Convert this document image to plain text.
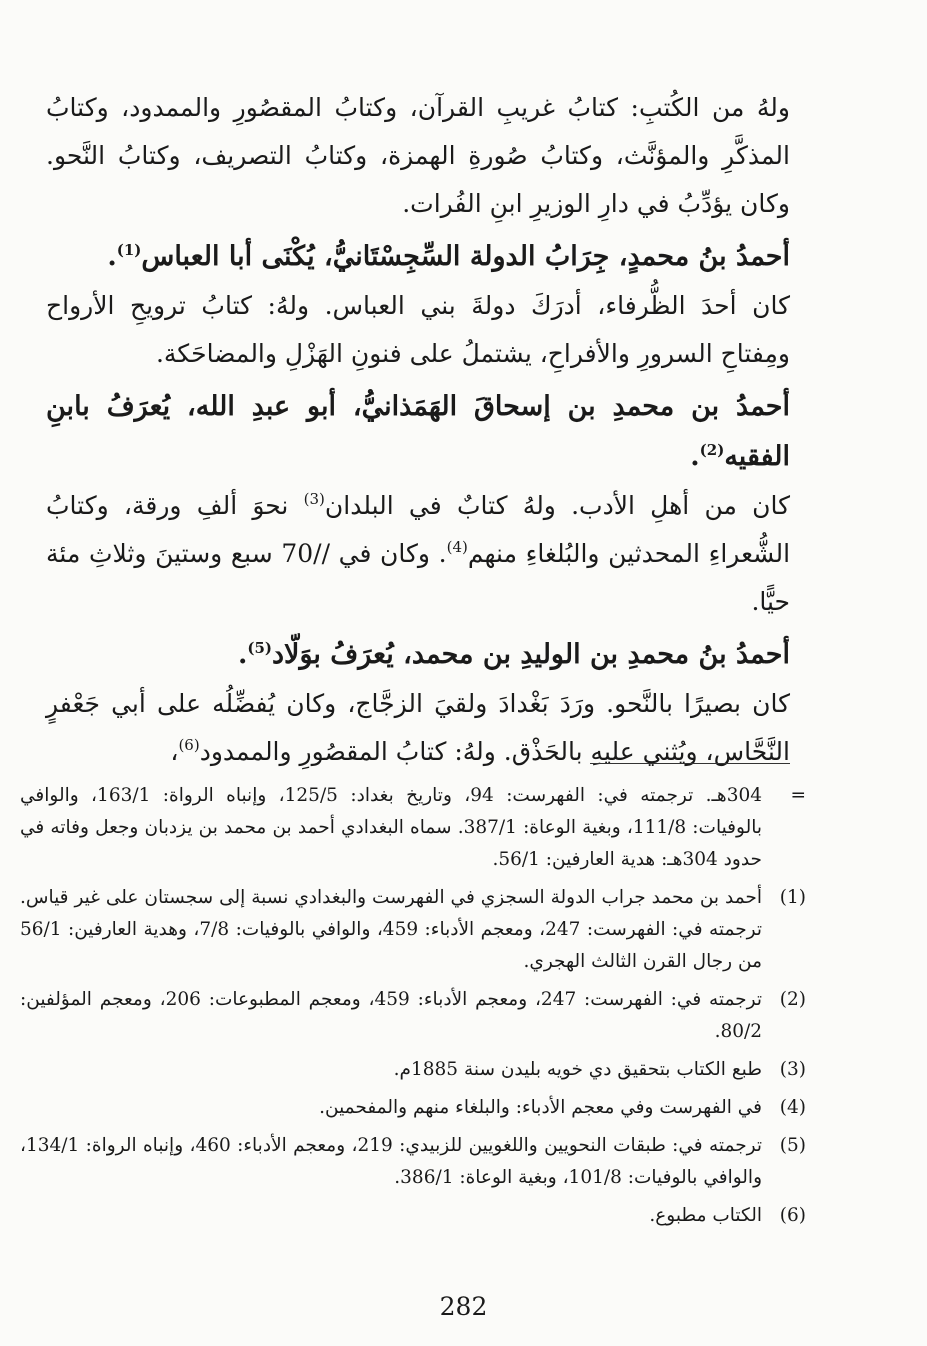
ولهُ من الكُتبِ: كتابُ غريبِ القرآن، وكتابُ المقصُورِ والممدود، وكتابُ المذكَّرِ والمؤنَّث، وكتابُ صُورةِ الهمزة، وكتابُ التصريف، وكتابُ النَّحو. وكان يؤدِّبُ في دارِ الوزيرِ ابنِ الفُرات.

أحمدُ بنُ محمدٍ، جِرَابُ الدولة السِّجِسْتَانيُّ، يُكْنَى أبا العباس$^{(1)}$.

كان أحدَ الظُّرفاء، أدرَكَ دولةَ بني العباس. ولهُ: كتابُ ترويحِ الأرواح ومِفتاحِ السرورِ والأفراحِ، يشتملُ على فنونِ الهَزْلِ والمضاحَكة.

أحمدُ بن محمدِ بن إسحاقَ الهَمَذانيُّ، أبو عبدِ الله، يُعرَفُ بابنِ الفقيه$^{(2)}$.

كان من أهلِ الأدب. ولهُ كتابٌ في البلدان$^{(3)}$ نحوَ ألفِ ورقة، وكتابُ الشُّعراءِ المحدثين والبُلغاءِ منهم$^{(4)}$. وكان في //70 سبع وستينَ وثلاثِ مئة حيًّا.

أحمدُ بنُ محمدِ بن الوليدِ بن محمد، يُعرَفُ بوَلّاد$^{(5)}$.

كان بصيرًا بالنَّحو. ورَدَ بَغْدادَ ولقيَ الزجَّاج، وكان يُفضِّلُه على أبي جَعْفرٍ النَّحَّاس، ويُثني عليهِ بالحَذْق. ولهُ: كتابُ المقصُورِ والممدود$^{(6)}$،

=
304هـ. ترجمته في: الفهرست: 94، وتاريخ بغداد: 125/5، وإنباه الرواة: 163/1، والوافي بالوفيات: 111/8، وبغية الوعاة: 387/1. سماه البغدادي أحمد بن محمد بن يزدبان وجعل وفاته في حدود 304هـ: هدية العارفين: 56/1.
(1)
أحمد بن محمد جراب الدولة السجزي في الفهرست والبغدادي نسبة إلى سجستان على غير قياس. ترجمته في: الفهرست: 247، ومعجم الأدباء: 459، والوافي بالوفيات: 7/8، وهدية العارفين: 56/1 من رجال القرن الثالث الهجري.
(2)
ترجمته في: الفهرست: 247، ومعجم الأدباء: 459، ومعجم المطبوعات: 206، ومعجم المؤلفين: 80/2.
(3)
طبع الكتاب بتحقيق دي خويه بليدن سنة 1885م.
(4)
في الفهرست وفي معجم الأدباء: والبلغاء منهم والمفحمين.
(5)
ترجمته في: طبقات النحويين واللغويين للزبيدي: 219، ومعجم الأدباء: 460، وإنباه الرواة: 134/1، والوافي بالوفيات: 101/8، وبغية الوعاة: 386/1.
(6)
الكتاب مطبوع.
282
